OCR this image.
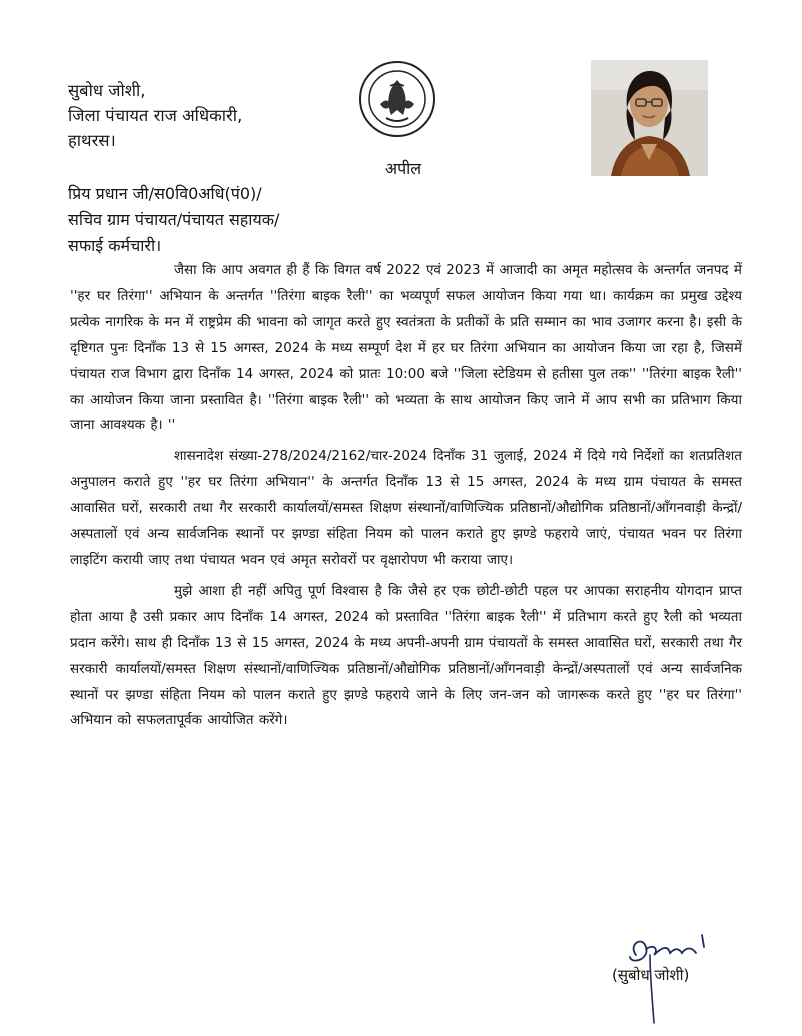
सुबोध जोशी,
जिला पंचायत राज अधिकारी,
हाथरस।
अपील
प्रिय प्रधान जी/स0वि0अधि(पं0)/
सचिव ग्राम पंचायत/पंचायत सहायक/
सफाई कर्मचारी।

जैसा कि आप अवगत ही हैं कि विगत वर्ष 2022 एवं 2023 में आजादी का अमृत महोत्सव के अन्तर्गत जनपद में ''हर घर तिरंगा'' अभियान के अन्तर्गत ''तिरंगा बाइक रैली'' का भव्यपूर्ण सफल आयोजन किया गया था। कार्यक्रम का प्रमुख उद्देश्य प्रत्येक नागरिक के मन में राष्ट्रप्रेम की भावना को जागृत करते हुए स्वतंत्रता के प्रतीकों के प्रति सम्मान का भाव उजागर करना है। इसी के दृष्टिगत पुनः दिनाँक 13 से 15 अगस्त, 2024 के मध्य सम्पूर्ण देश में हर घर तिरंगा अभियान का आयोजन किया जा रहा है, जिसमें पंचायत राज विभाग द्वारा दिनाँक 14 अगस्त, 2024 को प्रातः 10:00 बजे ''जिला स्टेडियम से हतीसा पुल तक'' ''तिरंगा बाइक रैली'' का आयोजन किया जाना प्रस्तावित है। ''तिरंगा बाइक रैली'' को भव्यता के साथ आयोजन किए जाने में आप सभी का प्रतिभाग किया जाना आवश्यक है। ''

शासनादेश संख्या-278/2024/2162/चार-2024 दिनाँक 31 जुलाई, 2024 में दिये गये निर्देशों का शतप्रतिशत अनुपालन कराते हुए ''हर घर तिरंगा अभियान'' के अन्तर्गत दिनाँक 13 से 15 अगस्त, 2024 के मध्य ग्राम पंचायत के समस्त आवासित घरों, सरकारी तथा गैर सरकारी कार्यालयों/समस्त शिक्षण संस्थानों/वाणिज्यिक प्रतिष्ठानों/औद्योगिक प्रतिष्ठानों/आँगनवाड़ी केन्द्रों/अस्पतालों एवं अन्य सार्वजनिक स्थानों पर झण्डा संहिता नियम को पालन कराते हुए झण्डे फहराये जाएं, पंचायत भवन पर तिरंगा लाइटिंग करायी जाए तथा पंचायत भवन एवं अमृत सरोवरों पर वृक्षारोपण भी कराया जाए।

मुझे आशा ही नहीं अपितु पूर्ण विश्वास है कि जैसे हर एक छोटी-छोटी पहल पर आपका सराहनीय योगदान प्राप्त होता आया है उसी प्रकार आप दिनाँक 14 अगस्त, 2024 को प्रस्तावित ''तिरंगा बाइक रैली'' में प्रतिभाग करते हुए रैली को भव्यता प्रदान करेंगे। साथ ही दिनाँक 13 से 15 अगस्त, 2024 के मध्य अपनी-अपनी ग्राम पंचायतों के समस्त आवासित घरों, सरकारी तथा गैर सरकारी कार्यालयों/समस्त शिक्षण संस्थानों/वाणिज्यिक प्रतिष्ठानों/औद्योगिक प्रतिष्ठानों/आँगनवाड़ी केन्द्रों/अस्पतालों एवं अन्य सार्वजनिक स्थानों पर झण्डा संहिता नियम को पालन कराते हुए झण्डे फहराये जाने के लिए जन-जन को जागरूक करते हुए ''हर घर तिरंगा'' अभियान को सफलतापूर्वक आयोजित करेंगे।

(सुबोध जोशी)
